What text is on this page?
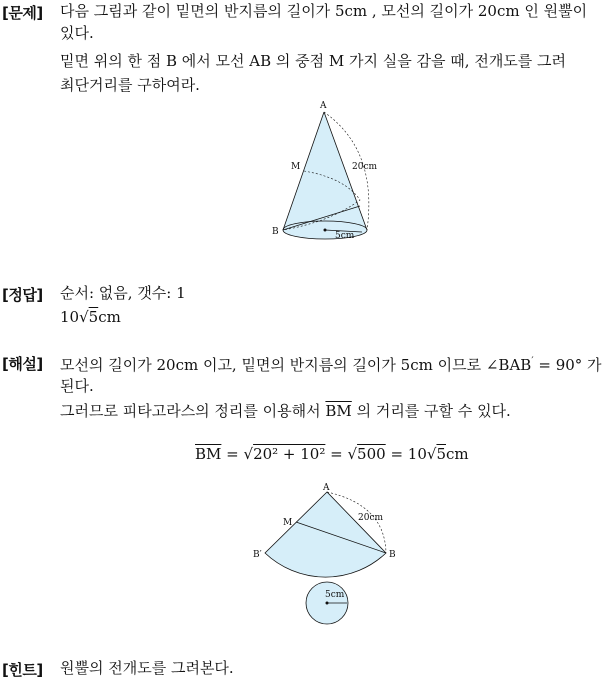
[문제] 다음 그림과 같이 밑면의 반지름의 길이가 5cm , 모선의 길이가 20cm 인 원뿔이
있다.
밑면 위의 한 점 B 에서 모선 AB 의 중점 M 가지 실을 감을 때, 전개도를 그려
최단거리를 구하여라.
A
M
B
20cm
5cm
[정답] 순서: 없음, 갯수: 1
10√5cm
[해설] 모선의 길이가 20cm 이고, 밑면의 반지름의 길이가 5cm 이므로 ∠BAB′ = 90° 가
된다.
그러므로 피타고라스의 정리를 이용해서 $\overline{BM}$ 의 거리를 구할 수 있다.
$\overline{BM} = √20^2 + 10^2 = √500 = 10√5cm$
A
M
B′	B
20cm
5cm
[힌트] 원뿔의 전개도를 그려본다.
